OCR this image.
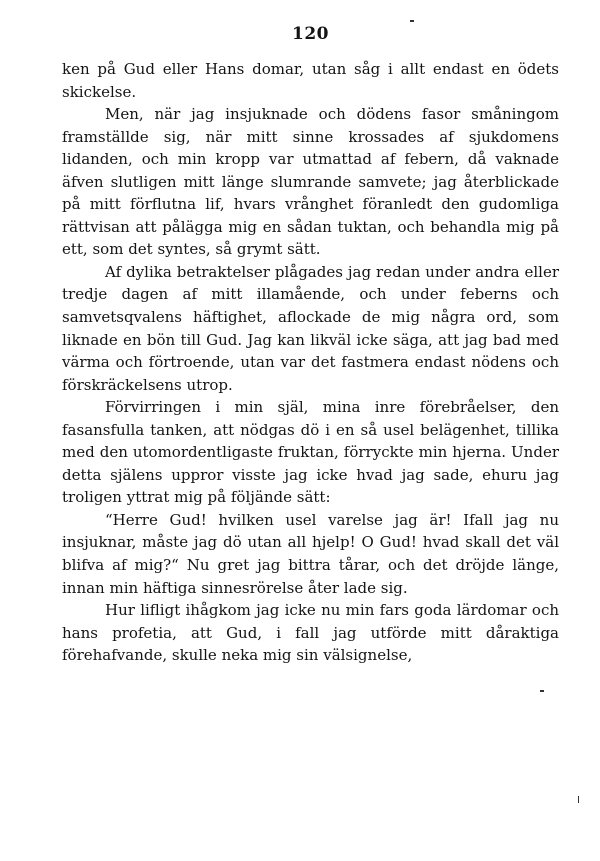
120

ken på Gud eller Hans domar, utan såg i allt endast en ödets skickelse.

Men, när jag insjuknade och dödens fasor småningom framställde sig, när mitt sinne krossades af sjukdomens lidanden, och min kropp var utmattad af febern, då vaknade äfven slutligen mitt länge slumrande samvete; jag återblickade på mitt förflutna lif, hvars vrånghet föranledt den gudomliga rättvisan att pålägga mig en sådan tuktan, och behandla mig på ett, som det syntes, så grymt sätt.

Af dylika betraktelser plågades jag redan under andra eller tredje dagen af mitt illamående, och under feberns och samvetsqvalens häftighet, aflockade de mig några ord, som liknade en bön till Gud. Jag kan likväl icke säga, att jag bad med värma och förtroende, utan var det fastmera endast nödens och förskräckelsens utrop.

Förvirringen i min själ, mina inre förebråelser, den fasansfulla tanken, att nödgas dö i en så usel belägenhet, tillika med den utomordentligaste fruktan, förryckte min hjerna. Under detta själens uppror visste jag icke hvad jag sade, ehuru jag troligen yttrat mig på följände sätt:

“Herre Gud! hvilken usel varelse jag är! Ifall jag nu insjuknar, måste jag dö utan all hjelp! O Gud! hvad skall det väl blifva af mig?“ Nu gret jag bittra tårar, och det dröjde länge, innan min häftiga sinnesrörelse åter lade sig.

Hur lifligt ihågkom jag icke nu min fars goda lärdomar och hans profetia, att Gud, i fall jag utförde mitt dåraktiga förehafvande, skulle neka mig sin välsignelse,
